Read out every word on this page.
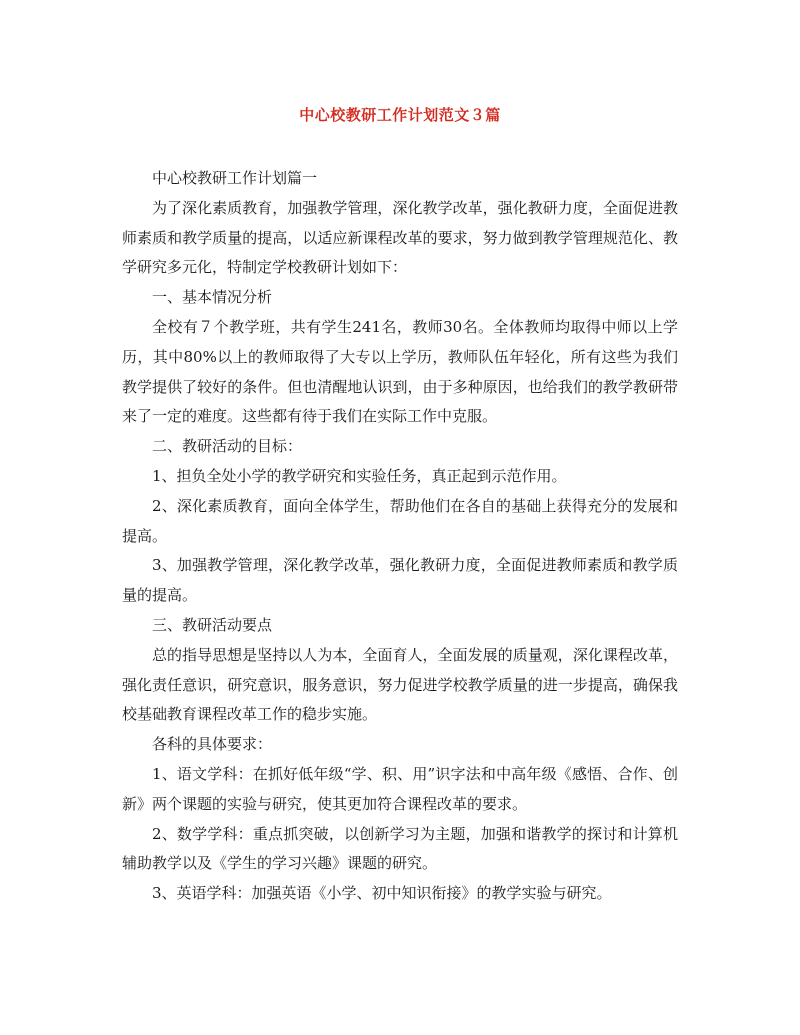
中心校教研工作计划范文３篇

中心校教研工作计划篇一

为了深化素质教育，加强教学管理，深化教学改革，强化教研力度，全面促进教师素质和教学质量的提高，以适应新课程改革的要求，努力做到教学管理规范化、教学研究多元化，特制定学校教研计划如下：

一、基本情况分析

全校有７个教学班，共有学生241名，教师30名。全体教师均取得中师以上学历，其中80%以上的教师取得了大专以上学历，教师队伍年轻化，所有这些为我们教学提供了较好的条件。但也清醒地认识到，由于多种原因，也给我们的教学教研带来了一定的难度。这些都有待于我们在实际工作中克服。

二、教研活动的目标：

1、担负全处小学的教学研究和实验任务，真正起到示范作用。

2、深化素质教育，面向全体学生，帮助他们在各自的基础上获得充分的发展和提高。

3、加强教学管理，深化教学改革，强化教研力度，全面促进教师素质和教学质量的提高。

三、教研活动要点

总的指导思想是坚持以人为本，全面育人，全面发展的质量观，深化课程改革，强化责任意识，研究意识，服务意识，努力促进学校教学质量的进一步提高，确保我校基础教育课程改革工作的稳步实施。

各科的具体要求：

1、语文学科：在抓好低年级“学、积、用”识字法和中高年级《感悟、合作、创新》两个课题的实验与研究，使其更加符合课程改革的要求。

2、数学学科：重点抓突破，以创新学习为主题，加强和谐教学的探讨和计算机辅助教学以及《学生的学习兴趣》课题的研究。

3、英语学科：加强英语《小学、初中知识衔接》的教学实验与研究。
